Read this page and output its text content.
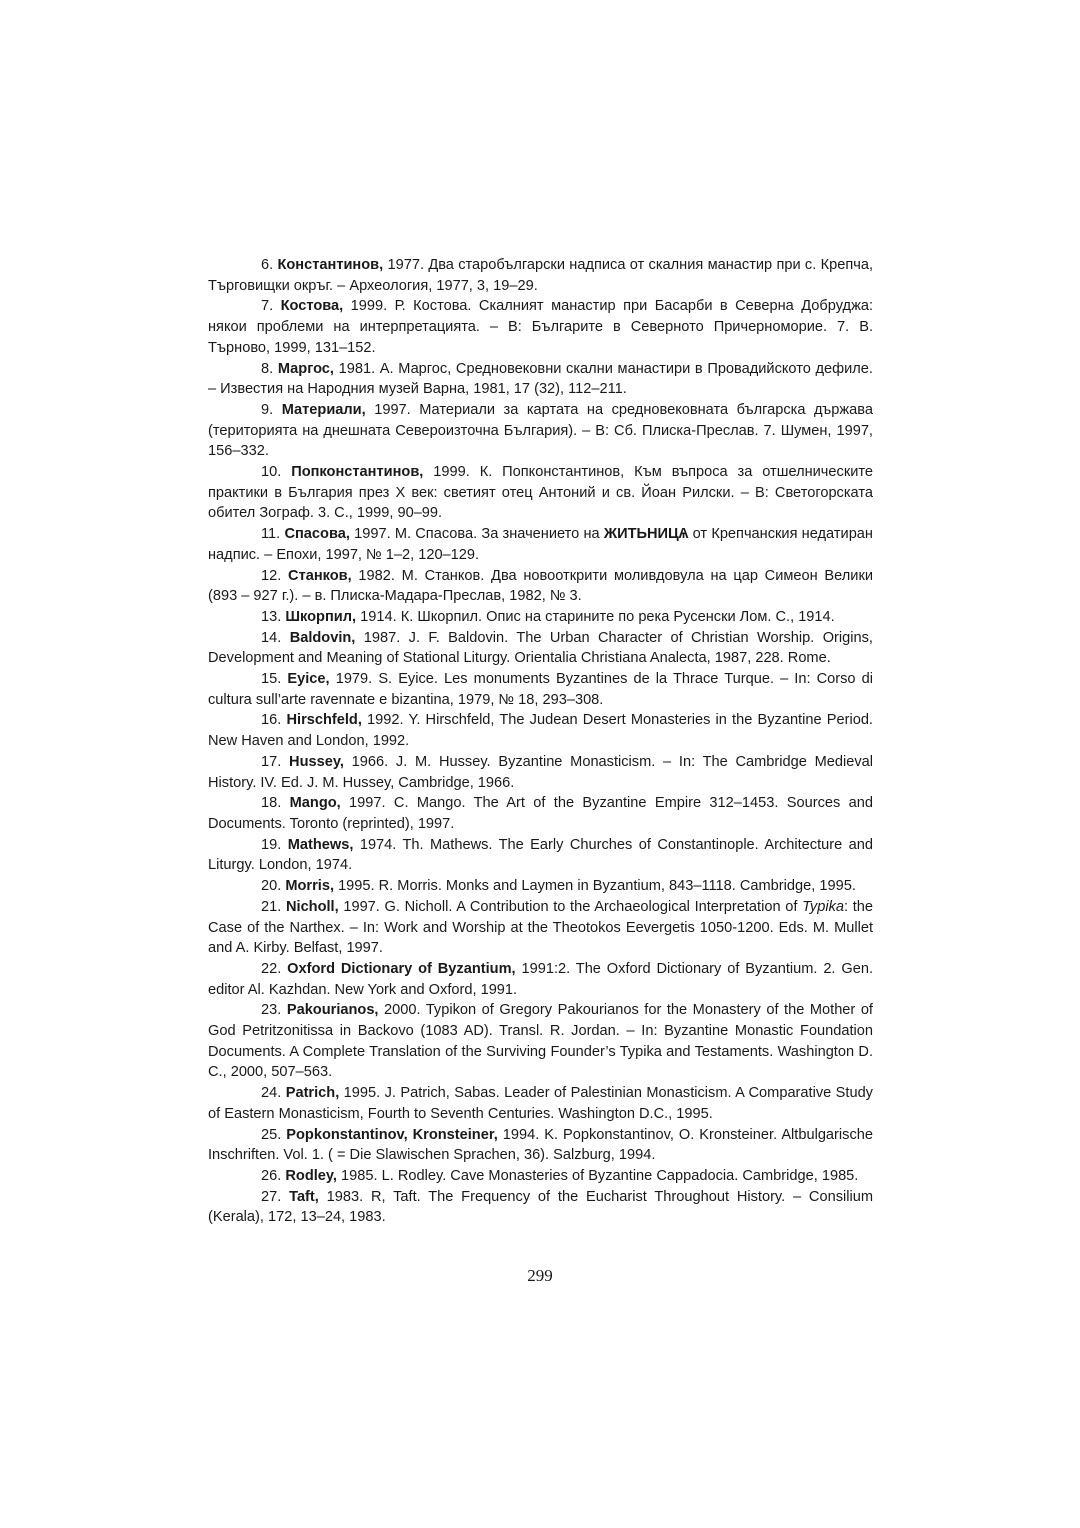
6. Константинов, 1977. Два старобългарски надписа от скалния манастир при с. Крепча, Търговищки окръг. – Археология, 1977, 3, 19–29.

7. Костова, 1999. Р. Костова. Скалният манастир при Басарби в Северна Добруджа: някои проблеми на интерпретацията. – В: Българите в Северното Причерноморие. 7. В. Търново, 1999, 131–152.

8. Маргос, 1981. А. Маргос, Средновековни скални манастири в Провадийското дефиле. – Известия на Народния музей Варна, 1981, 17 (32), 112–211.

9. Материали, 1997. Материали за картата на средновековната българска държава (територията на днешната Североизточна България). – В: Сб. Плиска-Преслав. 7. Шумен, 1997, 156–332.

10. Попконстантинов, 1999. К. Попконстантинов, Към въпроса за отшелническите практики в България през X век: светият отец Антоний и св. Йоан Рилски. – В: Светогорската обител Зограф. 3. С., 1999, 90–99.

11. Спасова, 1997. М. Спасова. За значението на ЖИТЬНИЦѦ от Крепчанския недатиран надпис. – Епохи, 1997, № 1–2, 120–129.

12. Станков, 1982. М. Станков. Два новооткрити моливдовула на цар Симеон Велики (893 – 927 г.). – в. Плиска-Мадара-Преслав, 1982, № 3.

13. Шкорпил, 1914. К. Шкорпил. Опис на старините по река Русенски Лом. С., 1914.

14. Baldovin, 1987. J. F. Baldovin. The Urban Character of Christian Worship. Origins, Development and Meaning of Stational Liturgy. Orientalia Christiana Analecta, 1987, 228. Rome.

15. Eyice, 1979. S. Eyice. Les monuments Byzantines de la Thrace Turque. – In: Corso di cultura sull’arte ravennate e bizantina, 1979, № 18, 293–308.

16. Hirschfeld, 1992. Y. Hirschfeld, The Judean Desert Monasteries in the Byzantine Period. New Haven and London, 1992.

17. Hussey, 1966. J. M. Hussey. Byzantine Monasticism. – In: The Cambridge Medieval History. IV. Ed. J. M. Hussey, Cambridge, 1966.

18. Mango, 1997. C. Mango. The Art of the Byzantine Empire 312–1453. Sources and Documents. Toronto (reprinted), 1997.

19. Mathews, 1974. Th. Mathews. The Early Churches of Constantinople. Architecture and Liturgy. London, 1974.

20. Morris, 1995. R. Morris. Monks and Laymen in Byzantium, 843–1118. Cambridge, 1995.

21. Nicholl, 1997. G. Nicholl. A Contribution to the Archaeological Interpretation of Typika: the Case of the Narthex. – In: Work and Worship at the Theotokos Eevergetis 1050-1200. Eds. M. Mullet and A. Kirby. Belfast, 1997.

22. Oxford Dictionary of Byzantium, 1991:2. The Oxford Dictionary of Byzantium. 2. Gen. editor Al. Kazhdan. New York and Oxford, 1991.

23. Pakourianos, 2000. Typikon of Gregory Pakourianos for the Monastery of the Mother of God Petritzonitissa in Backovo (1083 AD). Transl. R. Jordan. – In: Byzantine Monastic Foundation Documents. A Complete Translation of the Surviving Founder’s Typika and Testaments. Washington D. C., 2000, 507–563.

24. Patrich, 1995. J. Patrich, Sabas. Leader of Palestinian Monasticism. A Comparative Study of Eastern Monasticism, Fourth to Seventh Centuries. Washington D.C., 1995.

25. Popkonstantinov, Kronsteiner, 1994. K. Popkonstantinov, O. Kronsteiner. Altbulgarische Inschriften. Vol. 1. ( = Die Slawischen Sprachen, 36). Salzburg, 1994.

26. Rodley, 1985. L. Rodley. Cave Monasteries of Byzantine Cappadocia. Cambridge, 1985.

27. Taft, 1983. R, Taft. The Frequency of the Eucharist Throughout History. – Consilium (Kerala), 172, 13–24, 1983.

299
